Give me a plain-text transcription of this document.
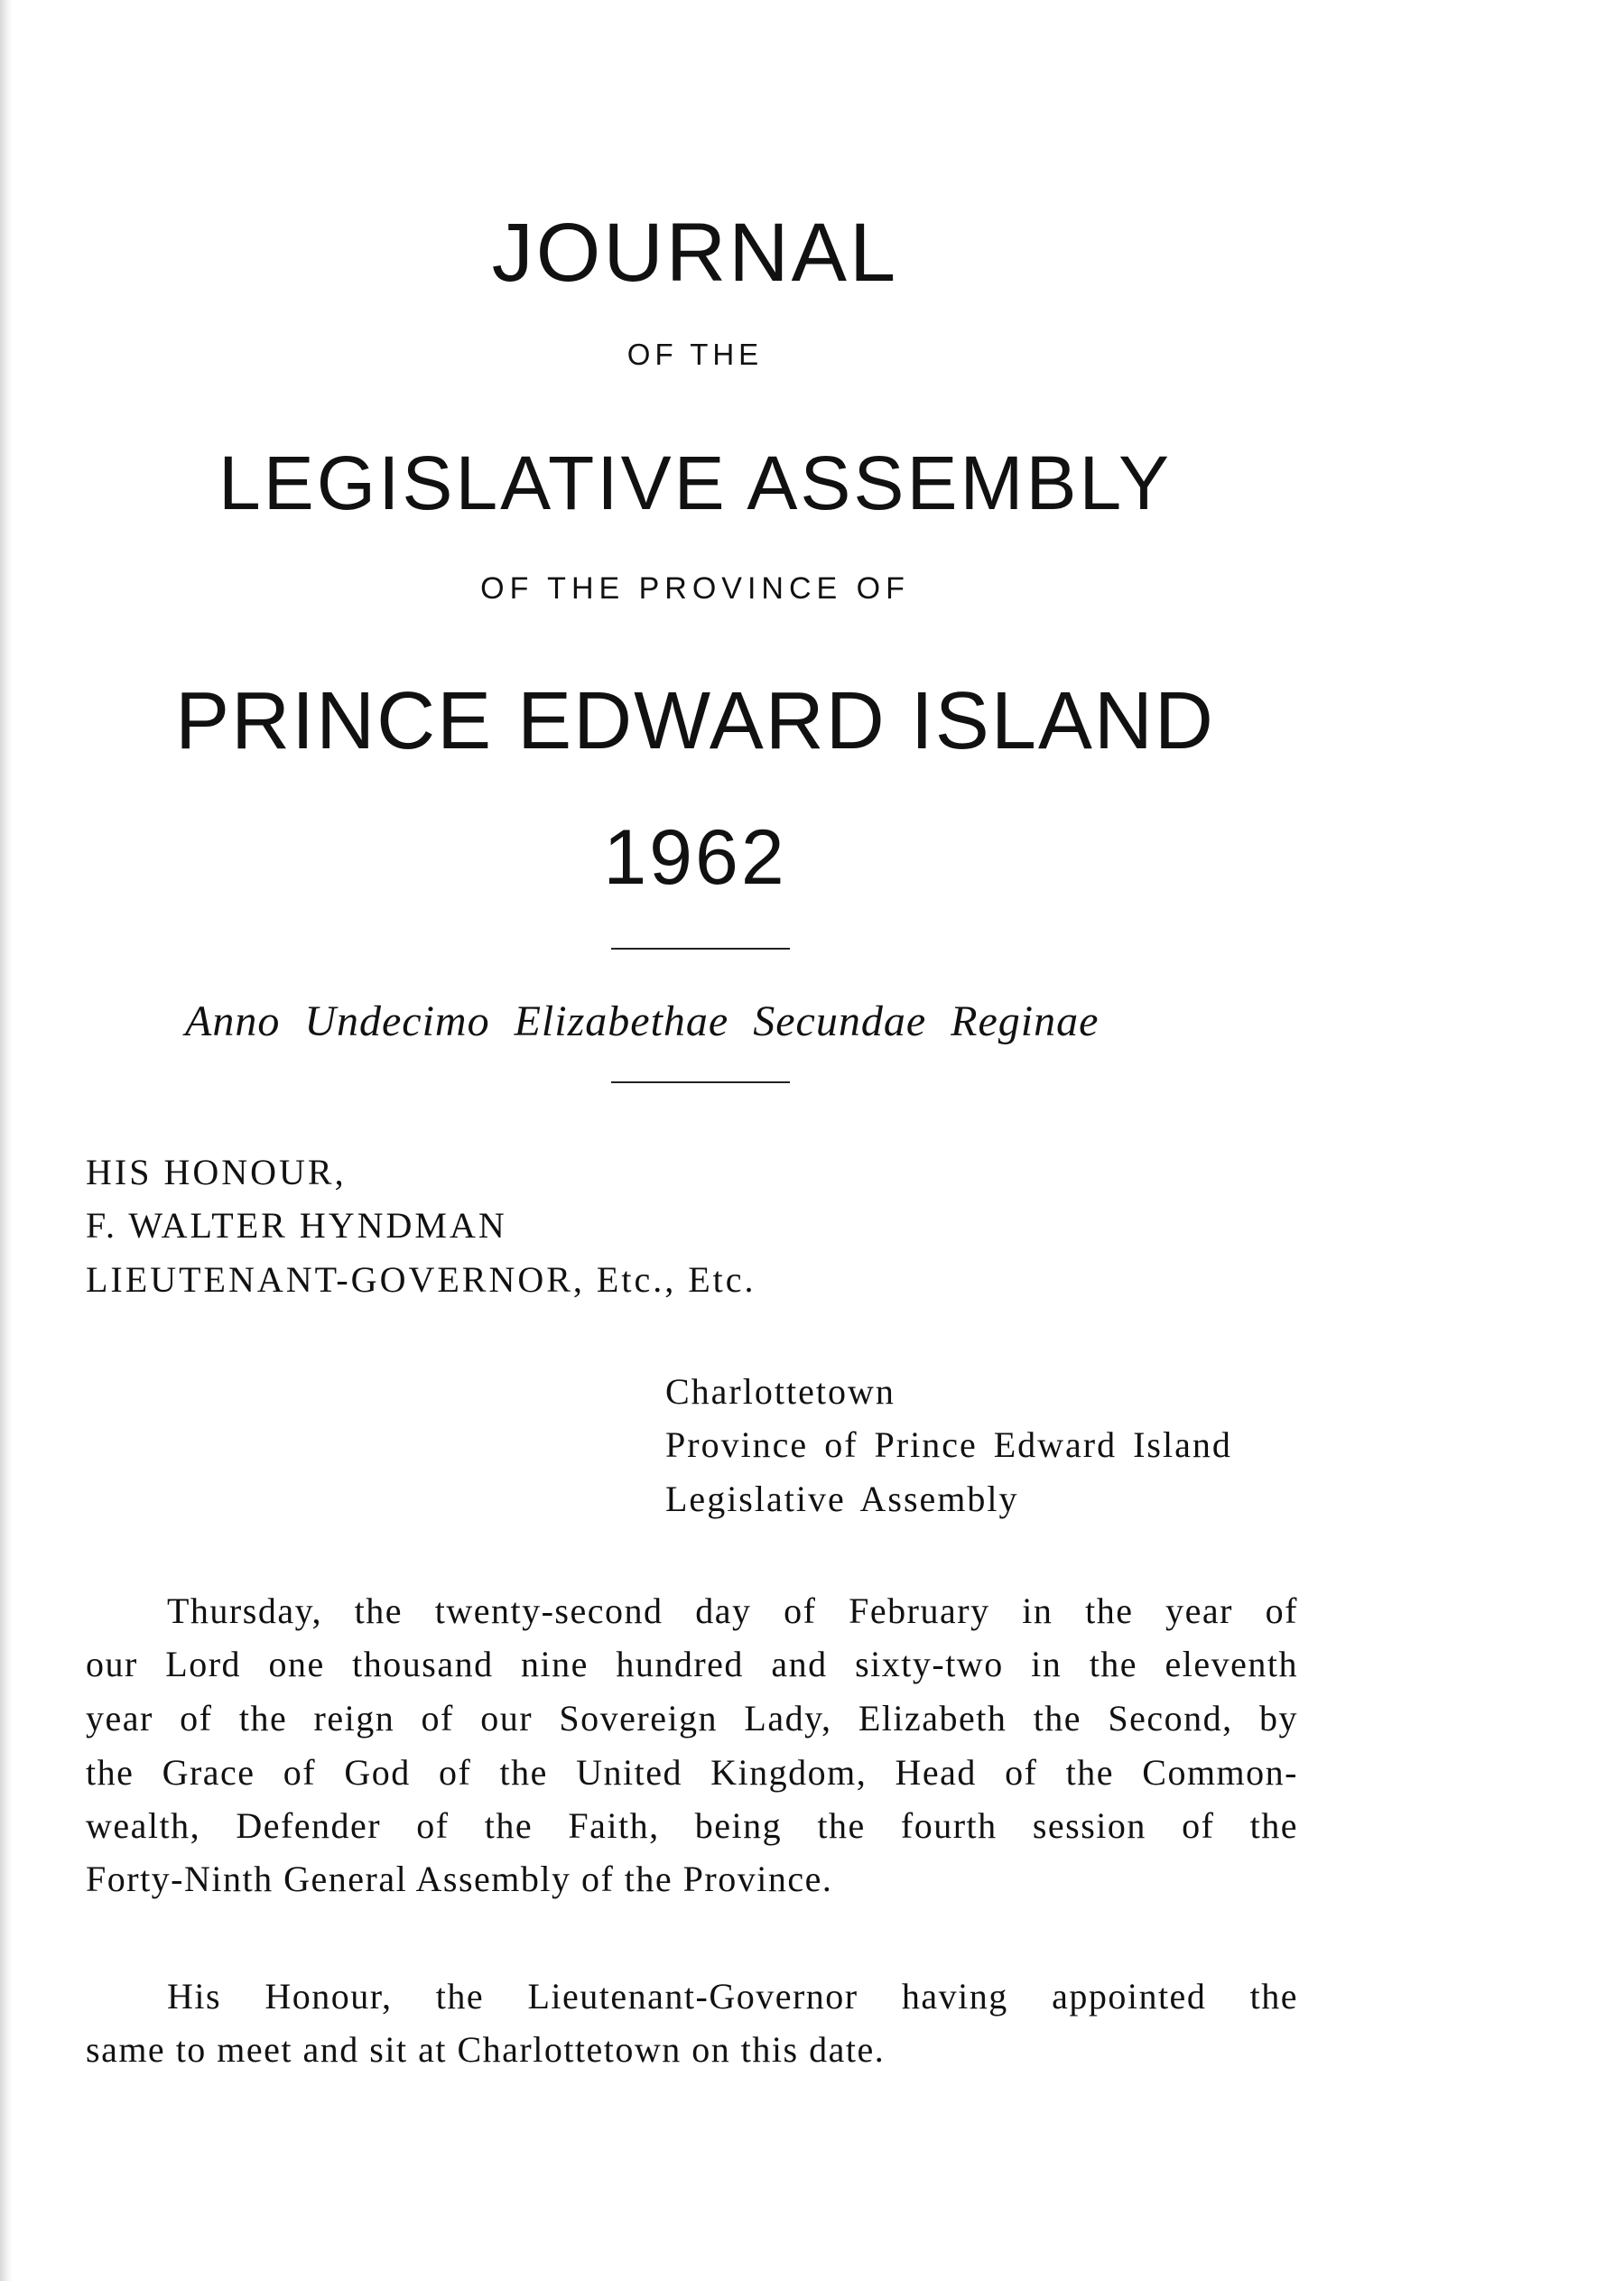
JOURNAL
OF THE
LEGISLATIVE ASSEMBLY
OF THE PROVINCE OF
PRINCE EDWARD ISLAND
1962
Anno Undecimo Elizabethae Secundae Reginae
HIS HONOUR,
F. WALTER HYNDMAN
LIEUTENANT-GOVERNOR, Etc., Etc.
Charlottetown
Province of Prince Edward Island
Legislative Assembly
Thursday, the twenty-second day of February in the year of
our Lord one thousand nine hundred and sixty-two in the eleventh
year of the reign of our Sovereign Lady, Elizabeth the Second, by
the Grace of God of the United Kingdom, Head of the Common-
wealth, Defender of the Faith, being the fourth session of the
Forty-Ninth General Assembly of the Province.
His Honour, the Lieutenant-Governor having appointed the
same to meet and sit at Charlottetown on this date.
